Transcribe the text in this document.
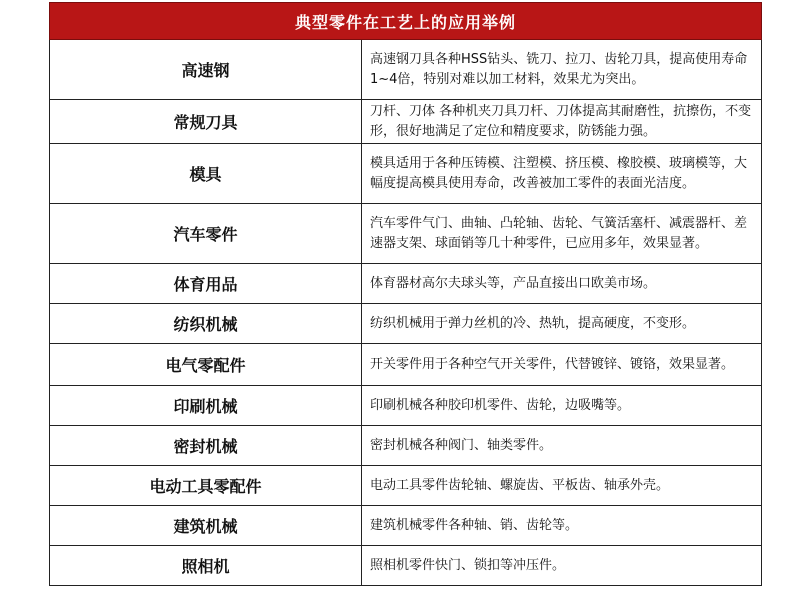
典型零件在工艺上的应用举例	
高速钢	高速钢刀具各种HSS钻头、铣刀、拉刀、齿轮刀具，提高使用寿命1~4倍，特别对难以加工材料，效果尤为突出。
常规刀具	刀杆、刀体 各种机夹刀具刀杆、刀体提高其耐磨性，抗擦伤，不变形，很好地满足了定位和精度要求，防锈能力强。
模具	模具适用于各种压铸模、注塑模、挤压模、橡胶模、玻璃模等，大幅度提高模具使用寿命，改善被加工零件的表面光洁度。
汽车零件	汽车零件气门、曲轴、凸轮轴、齿轮、气簧活塞杆、减震器杆、差速器支架、球面销等几十种零件，已应用多年，效果显著。
体育用品	体育器材高尔夫球头等，产品直接出口欧美市场。
纺织机械	纺织机械用于弹力丝机的冷、热轨，提高硬度，不变形。
电气零配件	开关零件用于各种空气开关零件，代替镀锌、镀铬，效果显著。
印刷机械	印刷机械各种胶印机零件、齿轮，边吸嘴等。
密封机械	密封机械各种阀门、轴类零件。
电动工具零配件	电动工具零件齿轮轴、螺旋齿、平板齿、轴承外壳。
建筑机械	建筑机械零件各种轴、销、齿轮等。
照相机	照相机零件快门、锁扣等冲压件。
